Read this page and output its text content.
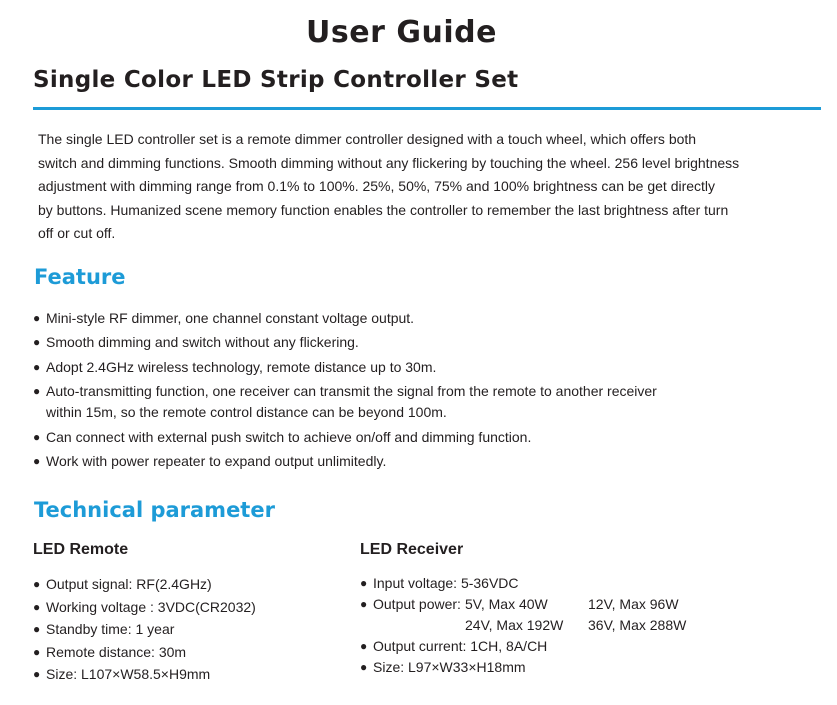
User Guide
Single Color LED Strip Controller Set
The single LED controller set is a remote dimmer controller designed with a touch wheel, which offers both
switch and dimming functions. Smooth dimming without any flickering by touching the wheel. 256 level brightness
adjustment with dimming range from 0.1% to 100%. 25%, 50%, 75% and 100% brightness can be get directly
by buttons. Humanized scene memory function enables the controller to remember the last brightness after turn
off or cut off.
Feature
● Mini-style RF dimmer, one channel constant voltage output.
● Smooth dimming and switch without any flickering.
● Adopt 2.4GHz wireless technology, remote distance up to 30m.
● Auto-transmitting function, one receiver can transmit the signal from the remote to another receiver
within 15m, so the remote control distance can be beyond 100m.
● Can connect with external push switch to achieve on/off and dimming function.
● Work with power repeater to expand output unlimitedly.
Technical parameter
LED Remote
● Output signal: RF(2.4GHz)
● Working voltage : 3VDC(CR2032)
● Standby time: 1 year
● Remote distance: 30m
● Size: L107×W58.5×H9mm
LED Receiver
● Input voltage: 5-36VDC
● Output power: 5V, Max 40W	12V, Max 96W
24V, Max 192W	36V, Max 288W
● Output current: 1CH, 8A/CH
● Size: L97×W33×H18mm
